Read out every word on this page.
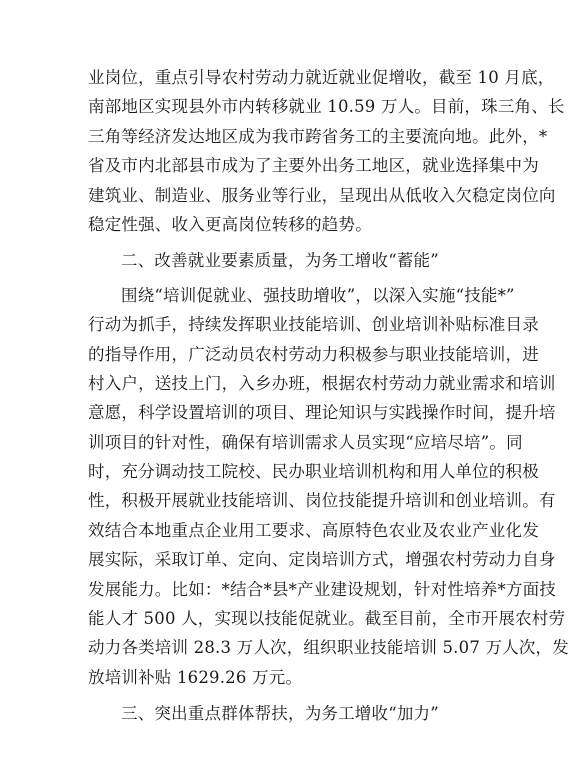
业岗位，重点引导农村劳动力就近就业促增收，截至 10 月底，
南部地区实现县外市内转移就业 10.59 万人。目前，珠三角、长
三角等经济发达地区成为我市跨省务工的主要流向地。此外，*
省及市内北部县市成为了主要外出务工地区，就业选择集中为
建筑业、制造业、服务业等行业，呈现出从低收入欠稳定岗位向
稳定性强、收入更高岗位转移的趋势。
二、改善就业要素质量，为务工增收“蓄能”
围绕“培训促就业、强技助增收”，以深入实施“技能*”
行动为抓手，持续发挥职业技能培训、创业培训补贴标准目录
的指导作用，广泛动员农村劳动力积极参与职业技能培训，进
村入户，送技上门，入乡办班，根据农村劳动力就业需求和培训
意愿，科学设置培训的项目、理论知识与实践操作时间，提升培
训项目的针对性，确保有培训需求人员实现“应培尽培”。同
时，充分调动技工院校、民办职业培训机构和用人单位的积极
性，积极开展就业技能培训、岗位技能提升培训和创业培训。有
效结合本地重点企业用工要求、高原特色农业及农业产业化发
展实际，采取订单、定向、定岗培训方式，增强农村劳动力自身
发展能力。比如：*结合*县*产业建设规划，针对性培养*方面技
能人才 500 人，实现以技能促就业。截至目前，全市开展农村劳
动力各类培训 28.3 万人次，组织职业技能培训 5.07 万人次，发
放培训补贴 1629.26 万元。
三、突出重点群体帮扶，为务工增收“加力”
